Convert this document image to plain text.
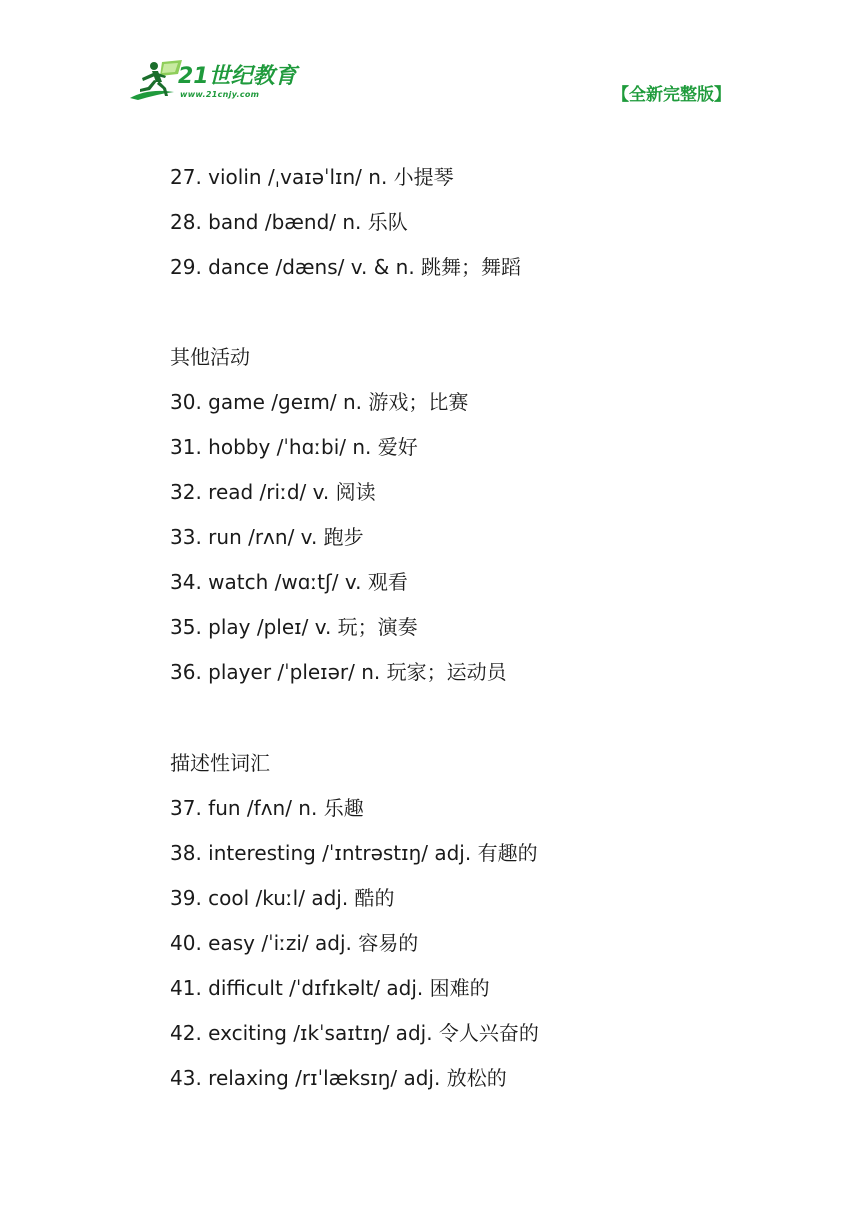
21世纪教育
www.21cnjy.com	【全新完整版】
27. violin /ˌvaɪəˈlɪn/ n. 小提琴
28. band /bænd/ n. 乐队
29. dance /dæns/ v. & n. 跳舞；舞蹈
其他活动
30. game /ɡeɪm/ n. 游戏；比赛
31. hobby /ˈhɑːbi/ n. 爱好
32. read /riːd/ v. 阅读
33. run /rʌn/ v. 跑步
34. watch /wɑːtʃ/ v. 观看
35. play /pleɪ/ v. 玩；演奏
36. player /ˈpleɪər/ n. 玩家；运动员
描述性词汇
37. fun /fʌn/ n. 乐趣
38. interesting /ˈɪntrəstɪŋ/ adj. 有趣的
39. cool /kuːl/ adj. 酷的
40. easy /ˈiːzi/ adj. 容易的
41. difficult /ˈdɪfɪkəlt/ adj. 困难的
42. exciting /ɪkˈsaɪtɪŋ/ adj. 令人兴奋的
43. relaxing /rɪˈlæksɪŋ/ adj. 放松的
